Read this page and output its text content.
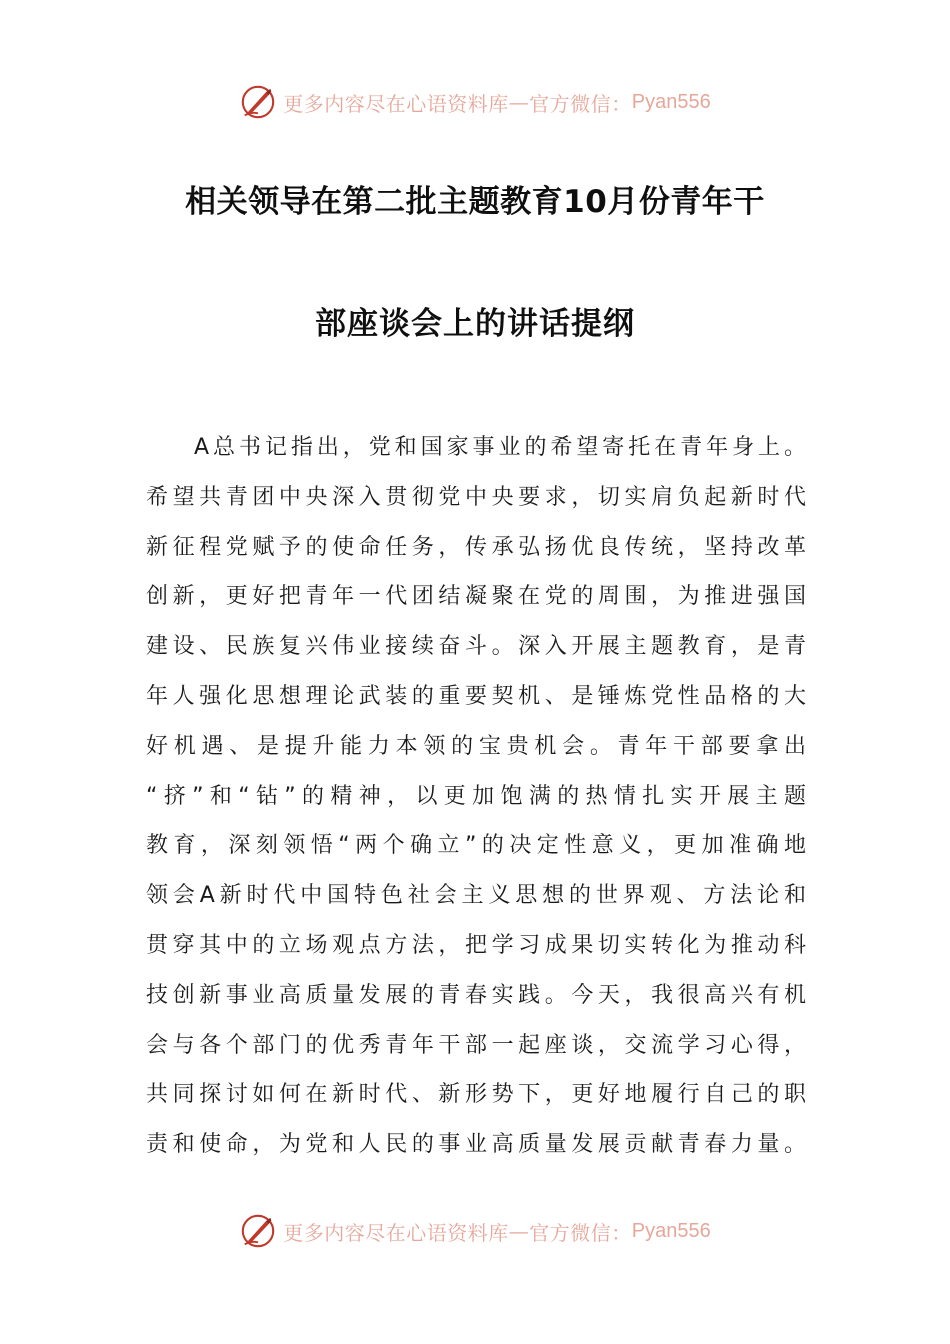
更多内容尽在心语资料库 — 官方微信： Pyan556
相关领导在第二批主题教育10月份青年干
部座谈会上的讲话提纲
A总书记指出，党和国家事业的希望寄托在青年身上。
希望共青团中央深入贯彻党中央要求，切实肩负起新时代
新征程党赋予的使命任务，传承弘扬优良传统，坚持改革
创新，更好把青年一代团结凝聚在党的周围，为推进强国
建设、民族复兴伟业接续奋斗。深入开展主题教育，是青
年人强化思想理论武装的重要契机、是锤炼党性品格的大
好机遇、是提升能力本领的宝贵机会。青年干部要拿出
“挤”和“钻”的精神，以更加饱满的热情扎实开展主题
教育，深刻领悟“两个确立”的决定性意义，更加准确地
领会A新时代中国特色社会主义思想的世界观、方法论和
贯穿其中的立场观点方法，把学习成果切实转化为推动科
技创新事业高质量发展的青春实践。今天，我很高兴有机
会与各个部门的优秀青年干部一起座谈，交流学习心得，
共同探讨如何在新时代、新形势下，更好地履行自己的职
责和使命，为党和人民的事业高质量发展贡献青春力量。
更多内容尽在心语资料库 — 官方微信： Pyan556
